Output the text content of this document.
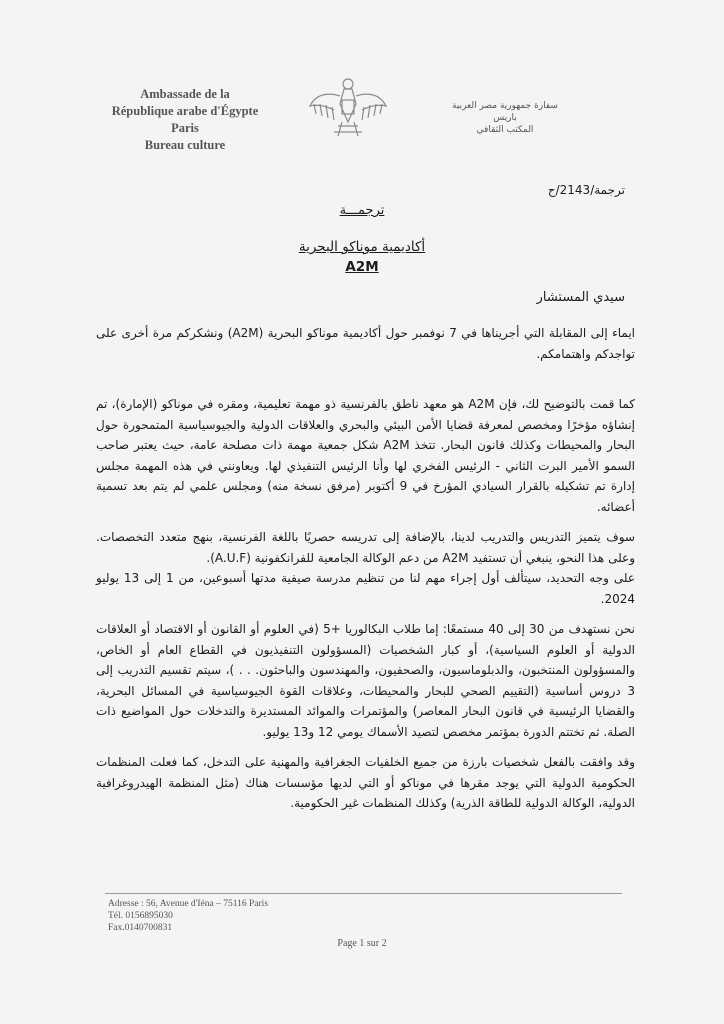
Ambassade de la
République arabe d'Égypte
Paris
Bureau culture
سفارة جمهورية مصر العربية
باريس
المكتب الثقافي
ترجمة/2143/ح
ترجمـــة
أكاديمية موناكو البحرية
A2M
سيدي المستشار

ايماء إلى المقابلة التي أجريناها في 7 نوفمبر حول أكاديمية موناكو البحرية (A2M) ونشكركم مرة أخرى على تواجدكم واهتمامكم.

كما قمت بالتوضيح لك، فإن A2M هو معهد ناطق بالفرنسية ذو مهمة تعليمية، ومقره في موناكو (الإمارة)، تم إنشاؤه مؤخرًا ومخصص لمعرفة قضايا الأمن البيئي والبحري والعلاقات الدولية والجيوسياسية المتمحورة حول البحار والمحيطات وكذلك قانون البحار. تتخذ A2M شكل جمعية مهمة ذات مصلحة عامة، حيث يعتبر صاحب السمو الأمير البرت الثاني - الرئيس الفخري لها وأنا الرئيس التنفيذي لها. ويعاونني في هذه المهمة مجلس إدارة تم تشكيله بالقرار السيادي المؤرخ في 9 أكتوبر (مرفق نسخة منه) ومجلس علمي لم يتم بعد تسمية أعضائه.

سوف يتميز التدريس والتدريب لدينا، بالإضافة إلى تدريسه حصريًا باللغة الفرنسية، بنهج متعدد التخصصات. وعلى هذا النحو، ينبغي أن تستفيد A2M من دعم الوكالة الجامعية للفرانكفونية (A.U.F).

على وجه التحديد، سيتألف أول إجراء مهم لنا من تنظيم مدرسة صيفية مدتها أسبوعين، من 1 إلى 13 يوليو 2024.

نحن نستهدف من 30 إلى 40 مستمعًا: إما طلاب البكالوريا +5 (في العلوم أو القانون أو الاقتصاد أو العلاقات الدولية أو العلوم السياسية)، أو كبار الشخصيات (المسؤولون التنفيذيون في القطاع العام أو الخاص، والمسؤولون المنتخبون، والدبلوماسيون، والصحفيون، والمهندسون والباحثون. . . )، سيتم تقسيم التدريب إلى 3 دروس أساسية (التقييم الصحي للبحار والمحيطات، وعلاقات القوة الجيوسياسية في المسائل البحرية، والقضايا الرئيسية في قانون البحار المعاصر) والمؤتمرات والموائد المستديرة والتدخلات حول المواضيع ذات الصلة. ثم تختتم الدورة بمؤتمر مخصص لتصيد الأسماك يومي 12 و13 يوليو.

وقد وافقت بالفعل شخصيات بارزة من جميع الخلفيات الجغرافية والمهنية على التدخل، كما فعلت المنظمات الحكومية الدولية التي يوجد مقرها في موناكو أو التي لديها مؤسسات هناك (مثل المنظمة الهيدروغرافية الدولية، الوكالة الدولية للطاقة الذرية) وكذلك المنظمات غير الحكومية.

Adresse : 56, Avenue d'Iéna – 75116 Paris
Tél. 0156895030
Fax.0140700831
Page 1 sur 2
